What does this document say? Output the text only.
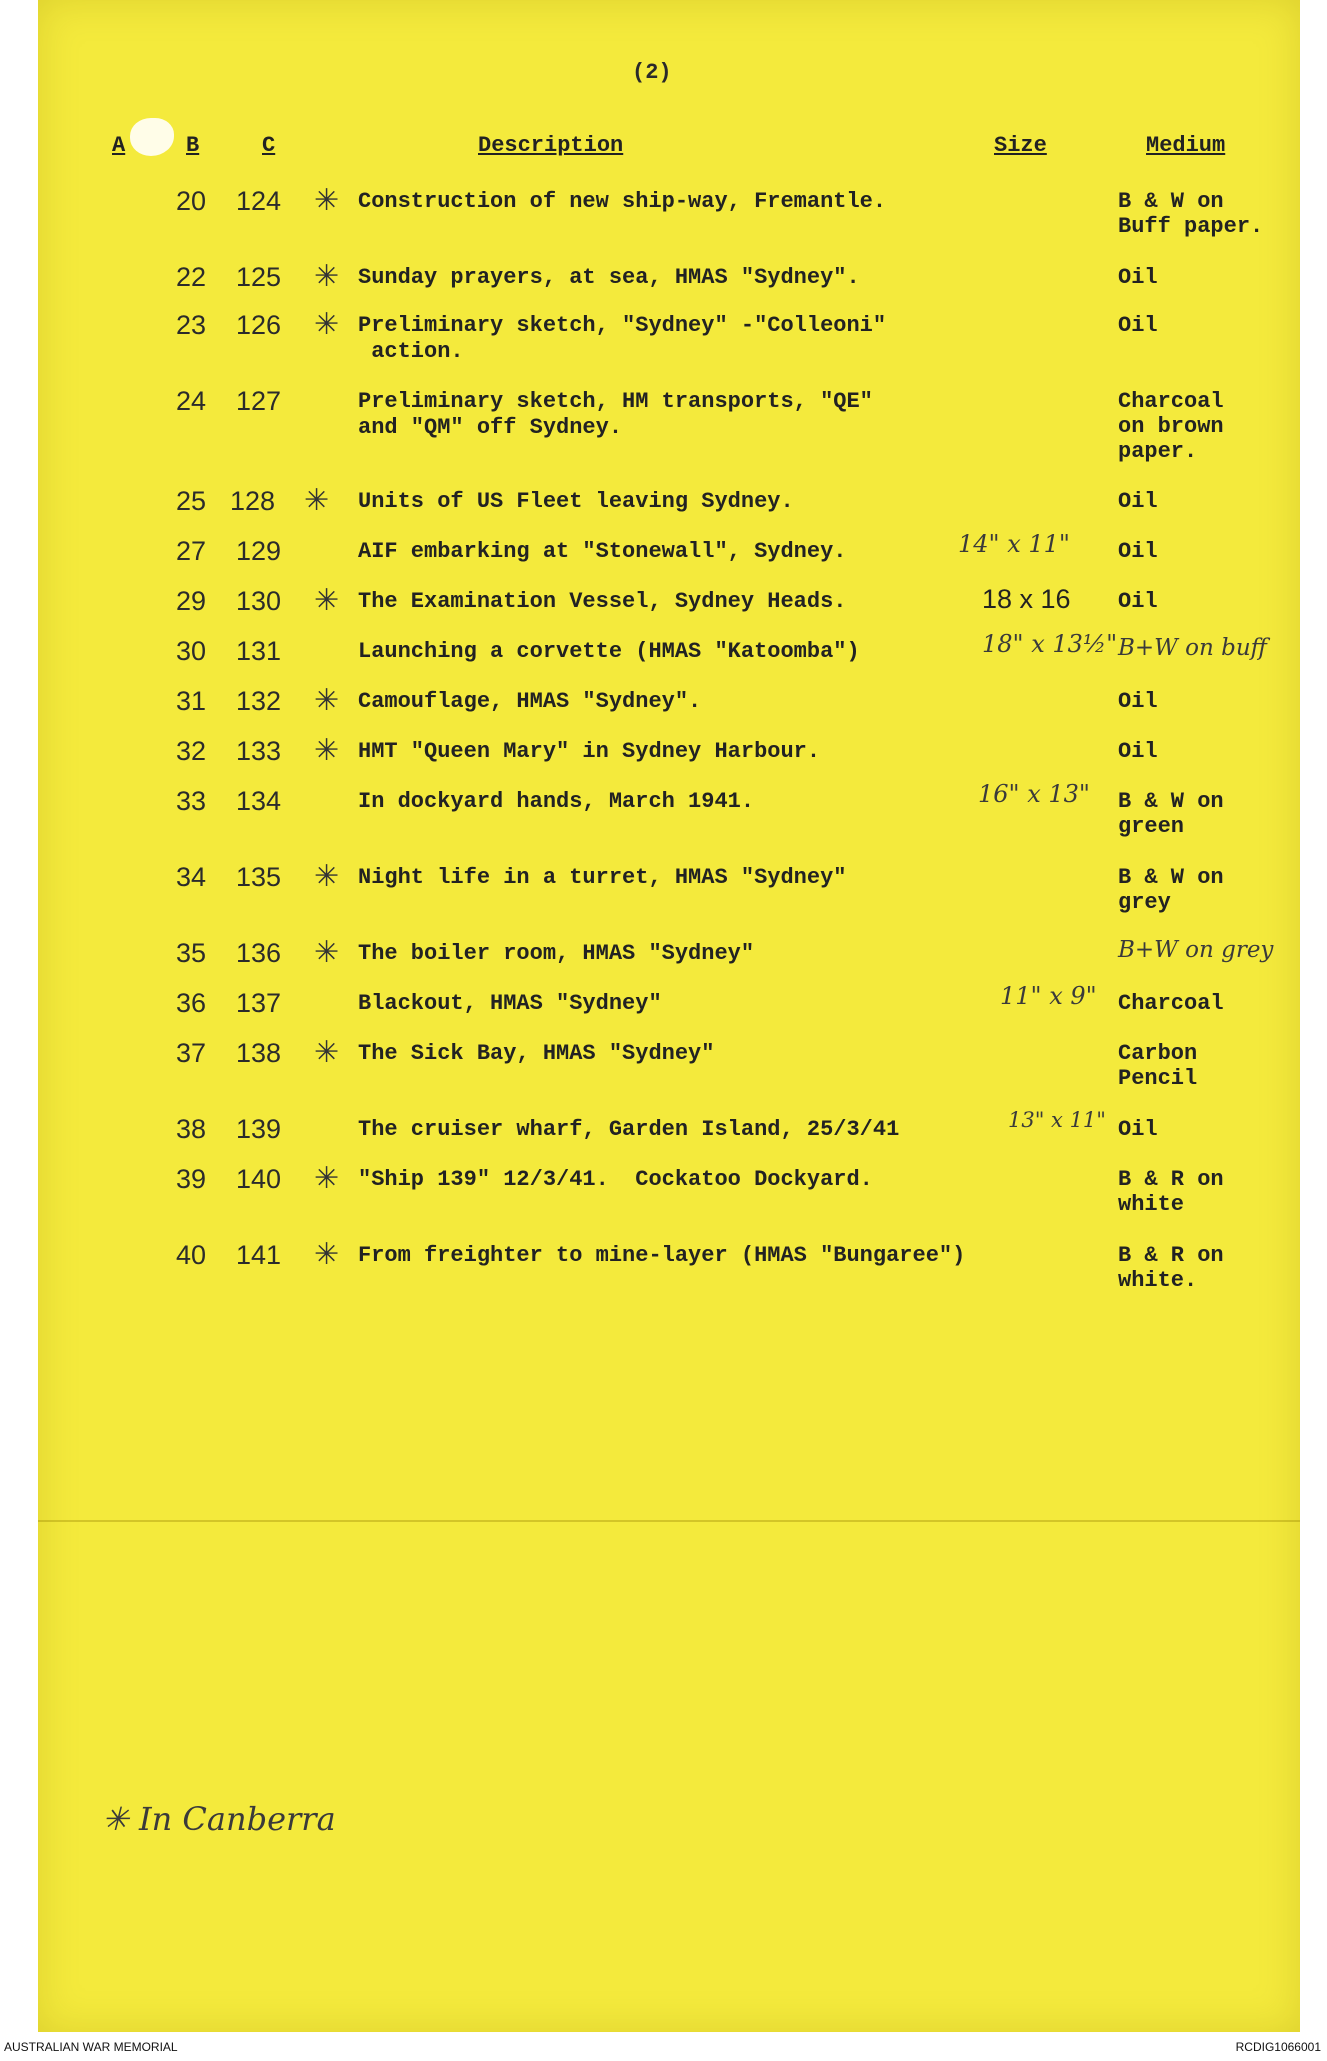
(2)
A	B	C	Description	Size	Medium
20 124 ✳ Construction of new ship-way, Fremantle.	B & W on
Buff paper.
22 125 ✳ Sunday prayers, at sea, HMAS "Sydney".	Oil
23 126 ✳ Preliminary sketch, "Sydney" -"Colleoni"
action.
Oil
24 127	Preliminary sketch, HM transports, "QE"
and "QM" off Sydney.
Charcoal
on brown
paper.
25 128 ✳ Units of US Fleet leaving Sydney.	Oil
27 129	AIF embarking at "Stonewall", Sydney.	14" x 11" Oil
29 130 ✳ The Examination Vessel, Sydney Heads.	18 x 16 Oil
30 131	Launching a corvette (HMAS "Katoomba")	18" x 13½" B+W on buff
31 132 ✳ Camouflage, HMAS "Sydney".	Oil
32 133 ✳ HMT "Queen Mary" in Sydney Harbour.	Oil
33 134	In dockyard hands, March 1941.	16" x 13" B & W on
green
34 135 ✳ Night life in a turret, HMAS "Sydney"	B & W on
grey
35 136 ✳ The boiler room, HMAS "Sydney"	B+W on grey
36 137	Blackout, HMAS "Sydney"	11" x 9" Charcoal
37 138 ✳ The Sick Bay, HMAS "Sydney"	Carbon
Pencil
38 139	The cruiser wharf, Garden Island, 25/3/41	13" x 11" Oil
39 140 ✳ "Ship 139" 12/3/41.  Cockatoo Dockyard.	B & R on
white
40 141 ✳ From freighter to mine-layer (HMAS "Bungaree")	B & R on
white.
✳ In Canberra
AUSTRALIAN WAR MEMORIAL	RCDIG1066001
